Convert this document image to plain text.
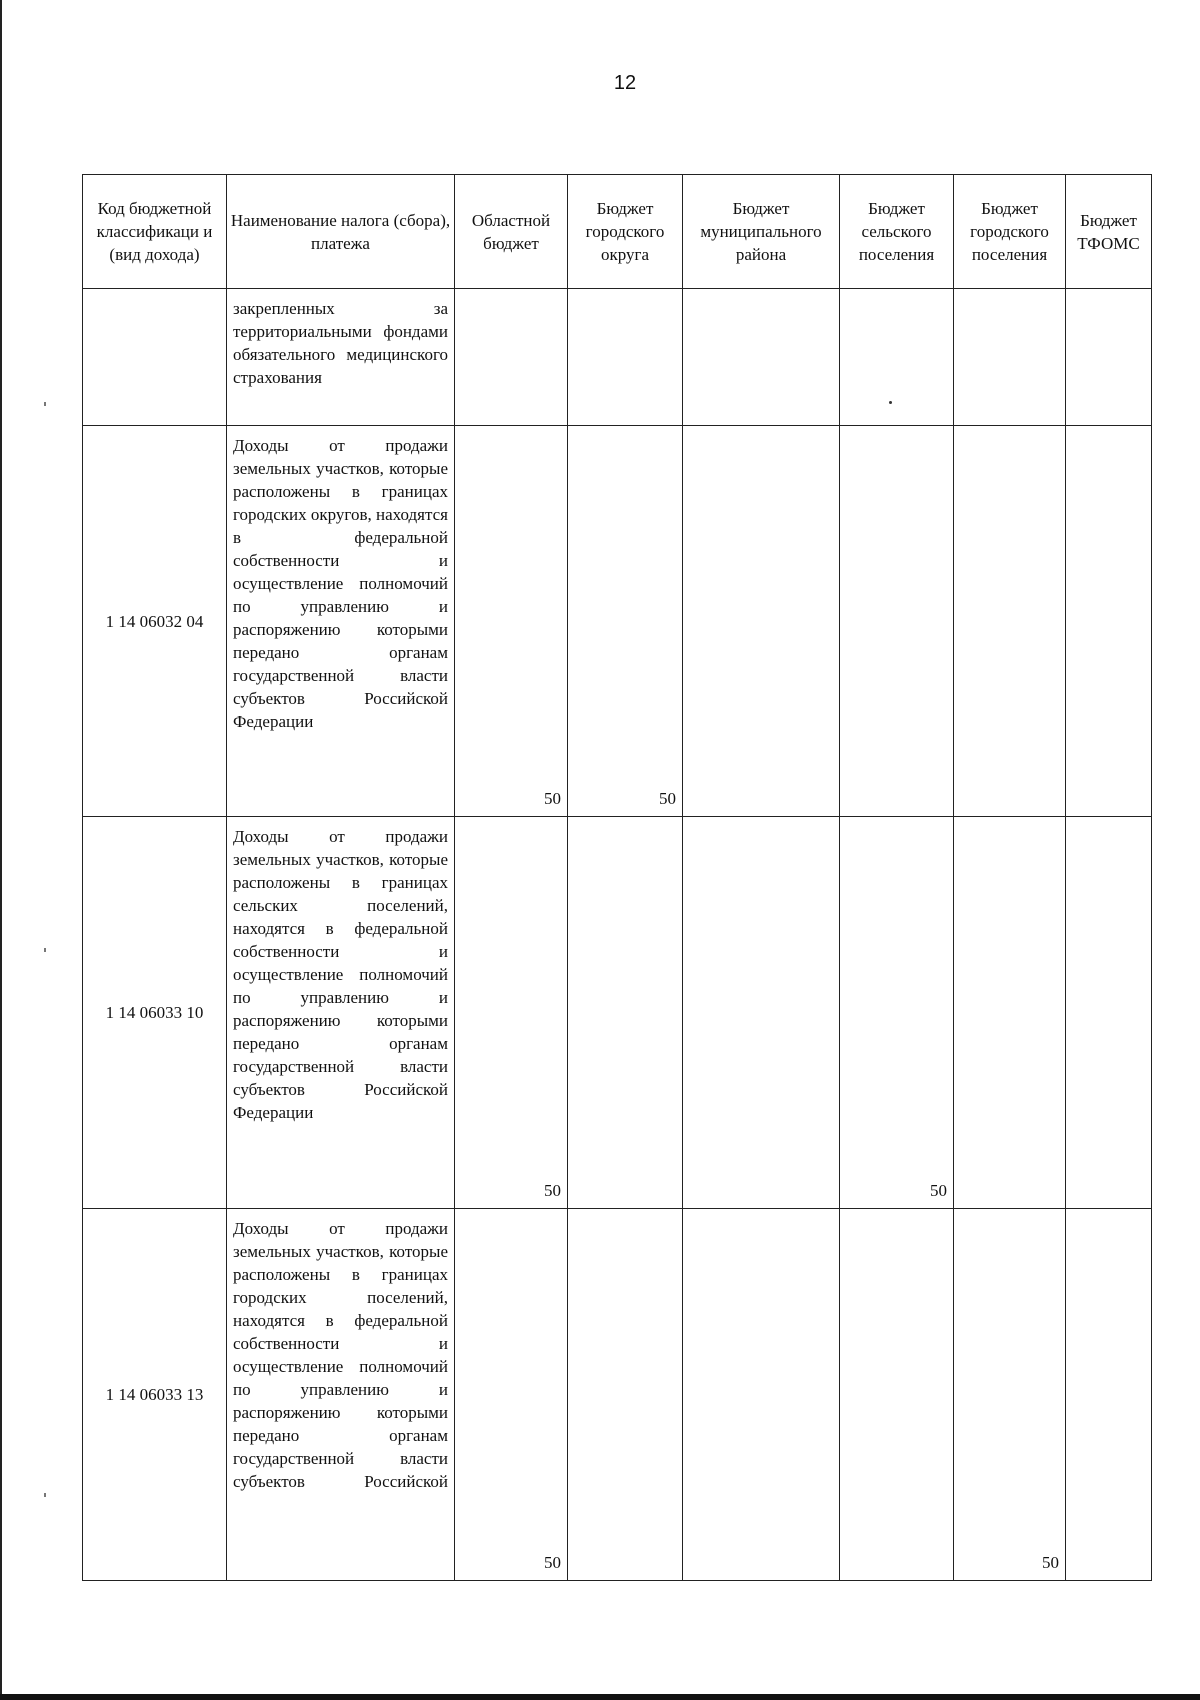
12
Код бюджетной классификаци и (вид дохода)	Наименование налога (сбора), платежа	Областной бюджет	Бюджет городского округа	Бюджет муниципального района	Бюджет сельского поселения	Бюджет городского поселения	Бюджет ТФОМС
	закрепленных за территориальными фондами обязательного медицинского страхования						
1 14 06032 04	Доходы от продажи земельных участков, которые расположены в границах городских округов, находятся в федеральной собственности и осуществление полномочий по управлению и распоряжению которыми передано органам государственной власти субъектов Российской Федерации	50	50				
1 14 06033 10	Доходы от продажи земельных участков, которые расположены в границах сельских поселений, находятся в федеральной собственности и осуществление полномочий по управлению и распоряжению которыми передано органам государственной власти субъектов Российской Федерации	50			50		
1 14 06033 13	Доходы от продажи земельных участков, которые расположены в границах городских поселений, находятся в федеральной собственности и осуществление полномочий по управлению и распоряжению которыми передано органам государственной власти субъектов Российской	50				50	
